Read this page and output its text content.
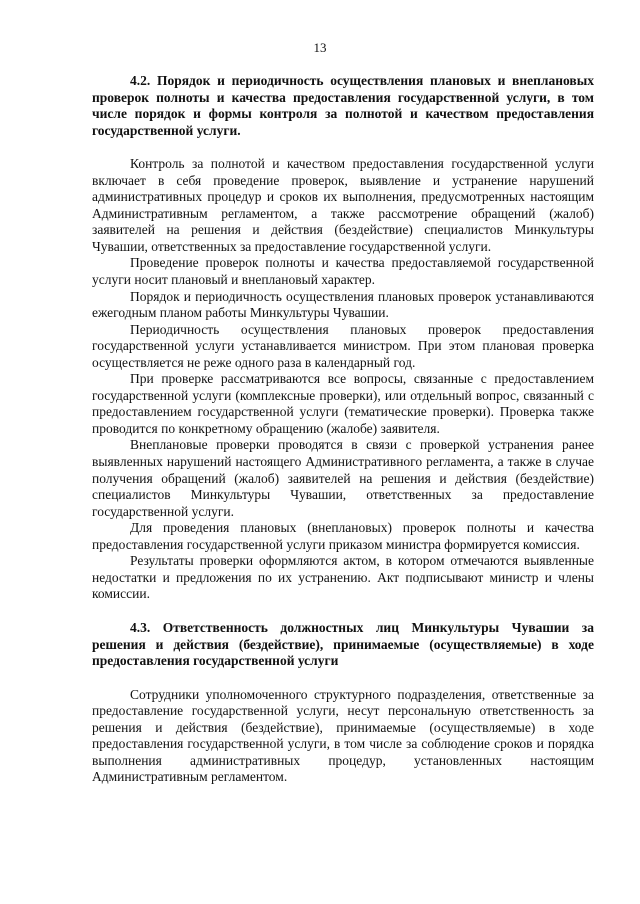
13

4.2. Порядок и периодичность осуществления плановых и внеплановых проверок полноты и качества предоставления государственной услуги, в том числе порядок и формы контроля за полнотой и качеством предоставления государственной услуги.

Контроль за полнотой и качеством предоставления государственной услуги включает в себя проведение проверок, выявление и устранение нарушений административных процедур и сроков их выполнения, предусмотренных настоящим Административным регламентом, а также рассмотрение обращений (жалоб) заявителей на решения и действия (бездействие) специалистов Минкультуры Чувашии, ответственных за предоставление государственной услуги.

Проведение проверок полноты и качества предоставляемой государственной услуги носит плановый и внеплановый характер.

Порядок и периодичность осуществления плановых проверок устанавливаются ежегодным планом работы Минкультуры Чувашии.

Периодичность осуществления плановых проверок предоставления государственной услуги устанавливается министром. При этом плановая проверка осуществляется не реже одного раза в календарный год.

При проверке рассматриваются все вопросы, связанные с предоставлением государственной услуги (комплексные проверки), или отдельный вопрос, связанный с предоставлением государственной услуги (тематические проверки). Проверка также проводится по конкретному обращению (жалобе) заявителя.

Внеплановые проверки проводятся в связи с проверкой устранения ранее выявленных нарушений настоящего Административного регламента, а также в случае получения обращений (жалоб) заявителей на решения и действия (бездействие) специалистов Минкультуры Чувашии, ответственных за предоставление государственной услуги.

Для проведения плановых (внеплановых) проверок полноты и качества предоставления государственной услуги приказом министра формируется комиссия.

Результаты проверки оформляются актом, в котором отмечаются выявленные недостатки и предложения по их устранению. Акт подписывают министр и члены комиссии.

4.3. Ответственность должностных лиц Минкультуры Чувашии за решения и действия (бездействие), принимаемые (осуществляемые) в ходе предоставления государственной услуги

Сотрудники уполномоченного структурного подразделения, ответственные за предоставление государственной услуги, несут персональную ответственность за решения и действия (бездействие), принимаемые (осуществляемые) в ходе предоставления государственной услуги, в том числе за соблюдение сроков и порядка выполнения административных процедур, установленных настоящим Административным регламентом.
